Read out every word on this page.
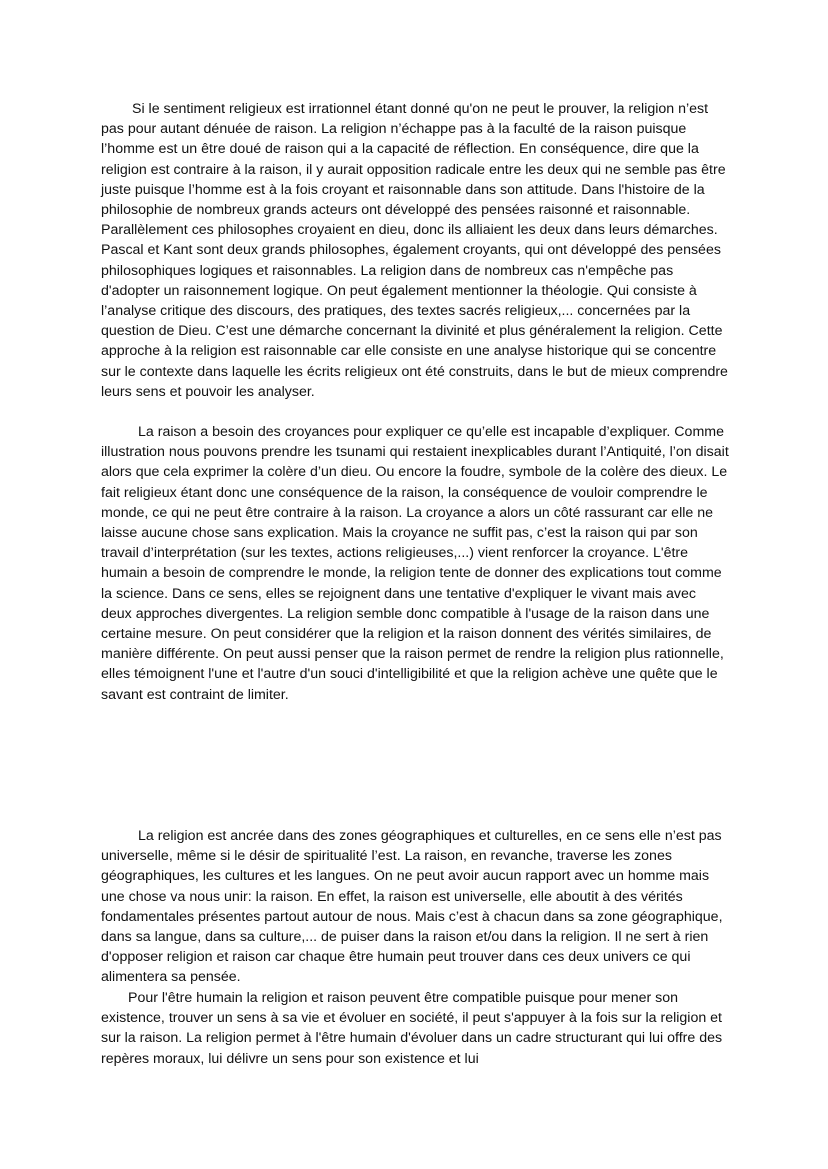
Si le sentiment religieux est irrationnel étant donné qu'on ne peut le prouver, la religion n’est pas pour autant dénuée de raison. La religion n’échappe pas à la faculté de la raison puisque l’homme est un être doué de raison qui a la capacité de réflection. En conséquence, dire que la religion est contraire à la raison, il y aurait opposition radicale entre les deux qui ne semble pas être juste puisque l’homme est à la fois croyant et raisonnable dans son attitude. Dans l'histoire de la philosophie de nombreux grands acteurs ont développé des pensées raisonné et raisonnable. Parallèlement ces philosophes croyaient en dieu, donc ils alliaient les deux dans leurs démarches. Pascal et Kant sont deux grands philosophes, également croyants, qui ont développé des pensées philosophiques logiques et raisonnables. La religion dans de nombreux cas n'empêche pas d'adopter un raisonnement logique. On peut également mentionner la théologie. Qui consiste à l’analyse critique des discours, des pratiques, des textes sacrés religieux,... concernées par la question de Dieu. C’est une démarche concernant la divinité et plus généralement la religion. Cette approche à la religion est raisonnable car elle consiste en une analyse historique qui se concentre sur le contexte dans laquelle les écrits religieux ont été construits, dans le but de mieux comprendre leurs sens et pouvoir les analyser.

La raison a besoin des croyances pour expliquer ce qu’elle est incapable d’expliquer. Comme illustration nous pouvons prendre les tsunami qui restaient inexplicables durant l’Antiquité, l’on disait alors que cela exprimer la colère d’un dieu. Ou encore la foudre, symbole de la colère des dieux. Le fait religieux étant donc une conséquence de la raison, la conséquence de vouloir comprendre le monde, ce qui ne peut être contraire à la raison. La croyance a alors un côté rassurant car elle ne laisse aucune chose sans explication. Mais la croyance ne suffit pas, c’est la raison qui par son travail d’interprétation (sur les textes, actions religieuses,...) vient renforcer la croyance. L'être humain a besoin de comprendre le monde, la religion tente de donner des explications tout comme la science. Dans ce sens, elles se rejoignent dans une tentative d'expliquer le vivant mais avec deux approches divergentes. La religion semble donc compatible à l'usage de la raison dans une certaine mesure. On peut considérer que la religion et la raison donnent des vérités similaires, de manière différente. On peut aussi penser que la raison permet de rendre la religion plus rationnelle, elles témoignent l'une et l'autre d'un souci d'intelligibilité et que la religion achève une quête que le savant est contraint de limiter.

La religion est ancrée dans des zones géographiques et culturelles, en ce sens elle n’est pas universelle, même si le désir de spiritualité l’est. La raison, en revanche, traverse les zones géographiques, les cultures et les langues. On ne peut avoir aucun rapport avec un homme mais une chose va nous unir: la raison. En effet, la raison est universelle, elle aboutit à des vérités fondamentales présentes partout autour de nous. Mais c’est à chacun dans sa zone géographique, dans sa langue, dans sa culture,... de puiser dans la raison et/ou dans la religion. Il ne sert à rien d'opposer religion et raison car chaque être humain peut trouver dans ces deux univers ce qui alimentera sa pensée.

Pour l'être humain la religion et raison peuvent être compatible puisque pour mener son existence, trouver un sens à sa vie et évoluer en société, il peut s'appuyer à la fois sur la religion et sur la raison. La religion permet à l'être humain d'évoluer dans un cadre structurant qui lui offre des repères moraux, lui délivre un sens pour son existence et lui
